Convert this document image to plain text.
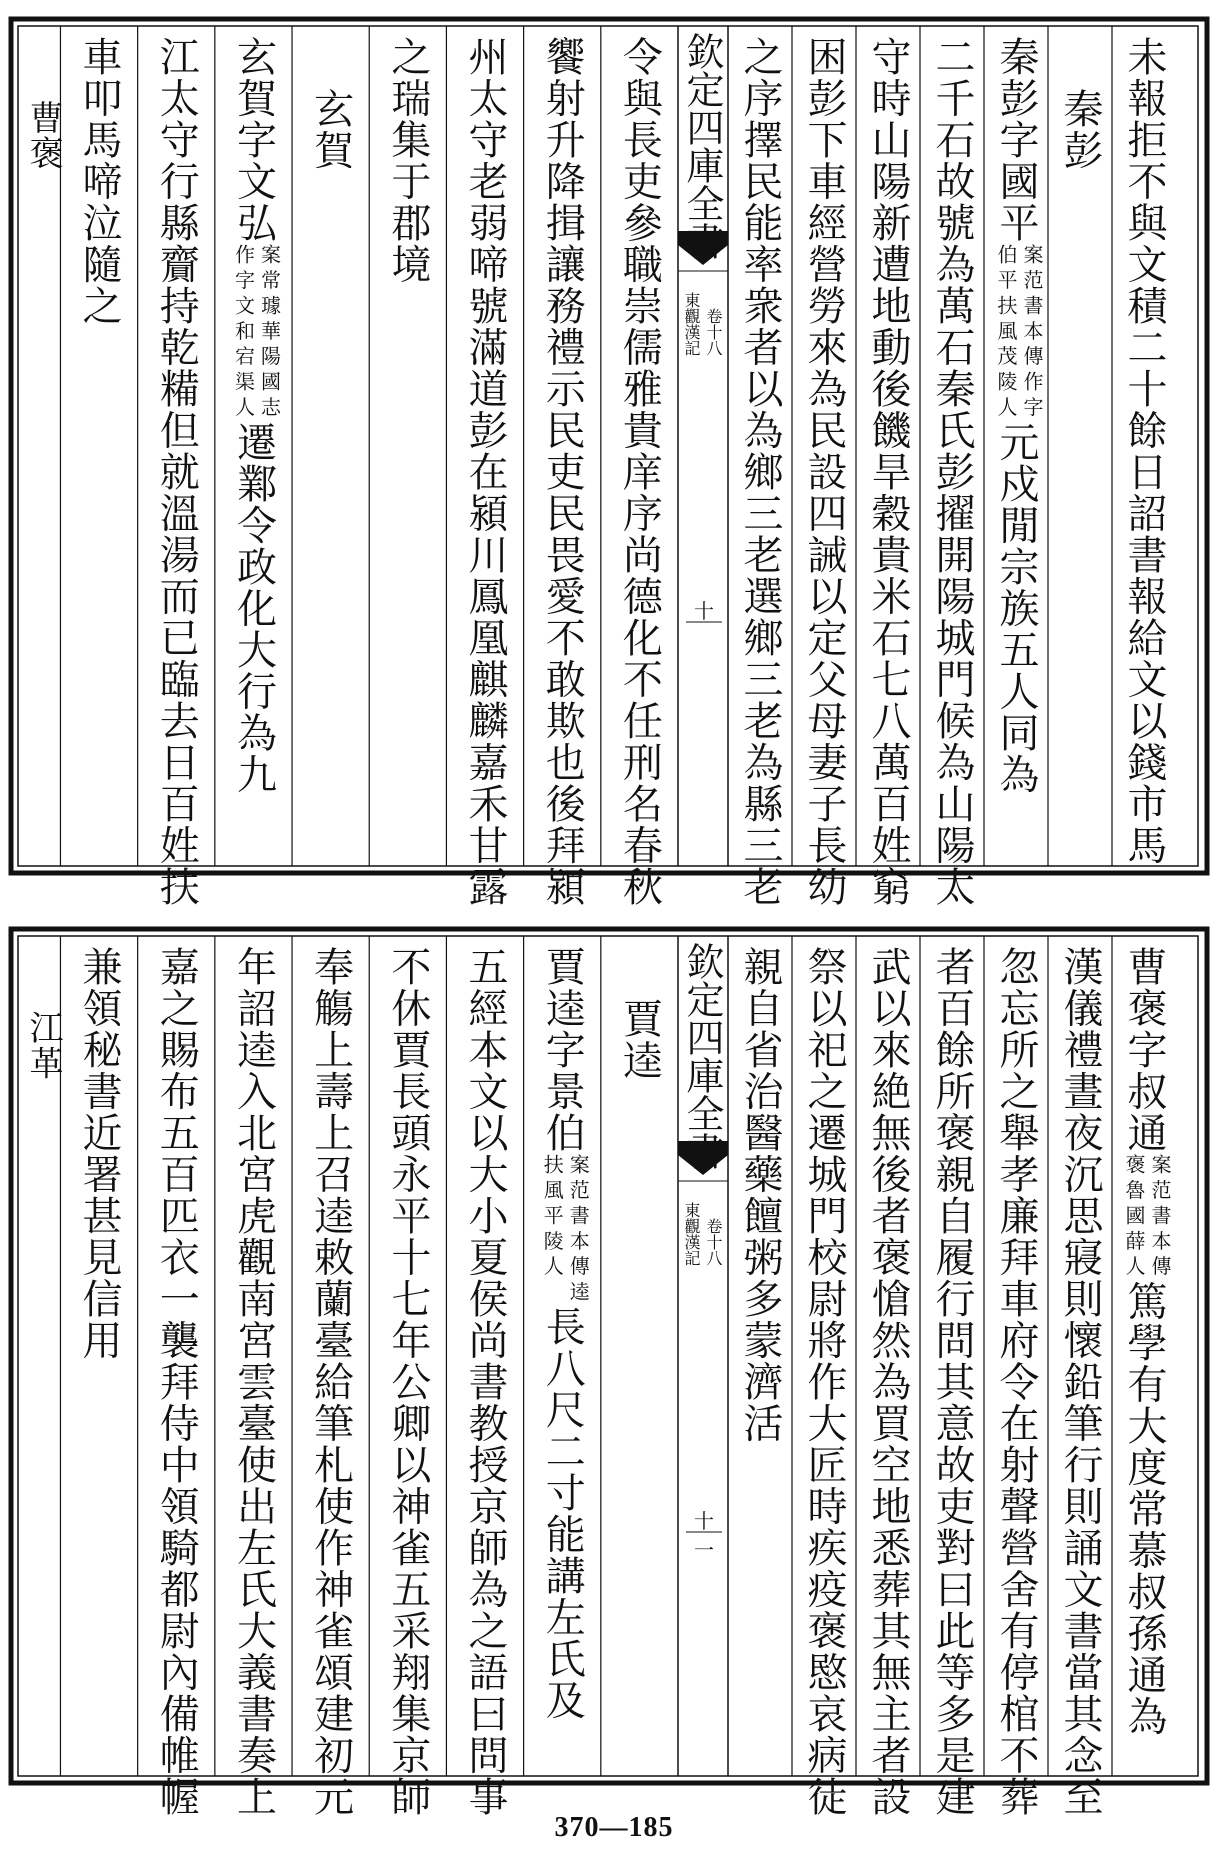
未報拒不與文積二十餘日詔書報給文以錢市馬
秦彭
秦彭字國平
案范書本傳作字
伯平扶風茂陵人
元戍閒宗族五人同為
二千石故號為萬石秦氏彭擢開陽城門候為山陽太
守時山陽新遭地動後饑旱穀貴米石七八萬百姓窮
困彭下車經營勞來為民設四誡以定父母妻子長幼
之序擇民能率衆者以為鄉三老選鄉三老為縣三老
令與長吏參職崇儒雅貴庠序尚德化不任刑名春秋
饗射升降揖讓務禮示民吏民畏愛不敢欺也後拜潁
州太守老弱啼號滿道彭在潁川鳳凰麒麟嘉禾甘露
之瑞集于郡境
玄賀
玄賀字文弘
案常璩華陽國志
作字文和宕渠人
遷鄴令政化大行為九
江太守行縣齎持乾糒但就溫湯而已臨去日百姓扶
車叩馬啼泣隨之
曹褒	欽定四庫全書
東觀漢記 卷十八
十
曹褒字叔通
案范書本傳
褒魯國薛人
篤學有大度常慕叔孫通為
漢儀禮晝夜沉思寢則懷鉛筆行則誦文書當其念至
忽忘所之舉孝廉拜車府令在射聲營舍有停棺不葬
者百餘所褒親自履行問其意故吏對曰此等多是建
武以來絶無後者褒愴然為買空地悉葬其無主者設
祭以祀之遷城門校尉將作大匠時疾疫褒愍哀病徒
親自省治醫藥饘粥多蒙濟活
賈逵
賈逵字景伯
案范書本傳逵
扶風平陵人
長八尺二寸能講左氏及
五經本文以大小夏侯尚書教授京師為之語曰問事
不休賈長頭永平十七年公卿以神雀五采翔集京師
奉觴上壽上召逵敕蘭臺給筆札使作神雀頌建初元
年詔逵入北宮虎觀南宮雲臺使出左氏大義書奏上
嘉之賜布五百匹衣一襲拜侍中領騎都尉內備帷幄
兼領秘書近署甚見信用
江革	欽定四庫全書
東觀漢記 卷十八
十一
370—185
